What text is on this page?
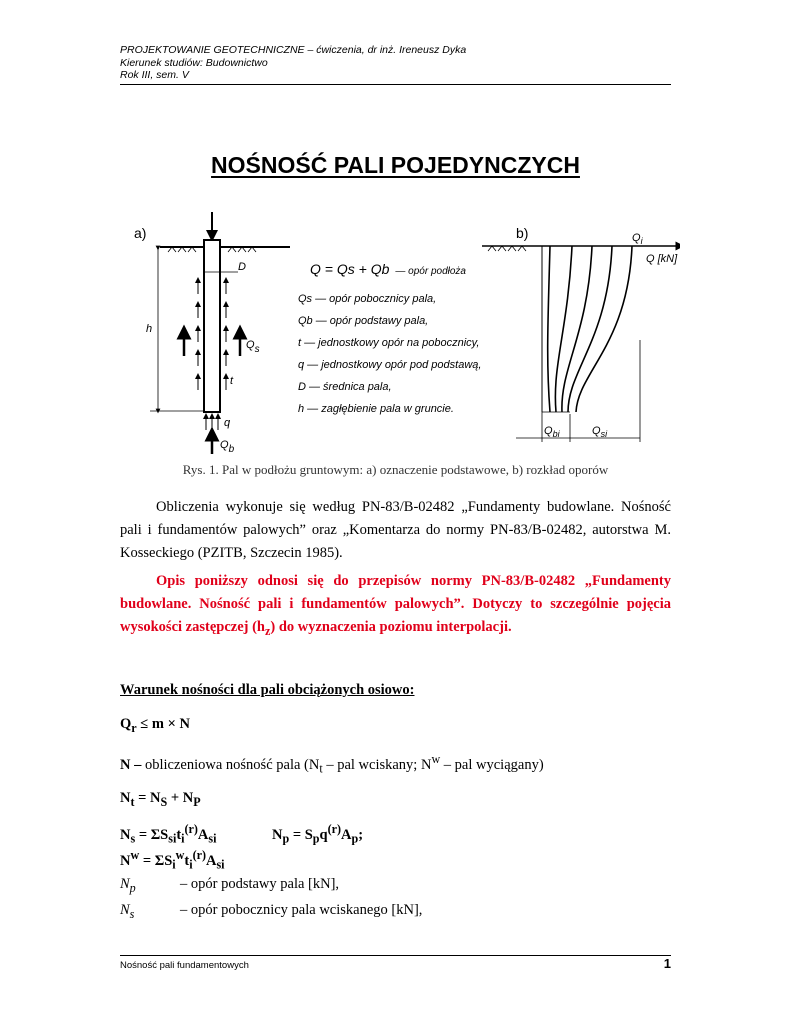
PROJEKTOWANIE GEOTECHNICZNE – ćwiczenia, dr inż. Ireneusz Dyka
Kierunek studiów: Budownictwo
Rok III, sem. V
NOŚNOŚĆ PALI POJEDYNCZYCH
a)
D
h
Qs
t
q
Qb
Q = Qs + Qb — opór podłoża
Qs — opór pobocznicy pala,
Qb — opór podstawy pala,
t — jednostkowy opór na pobocznicy,
q — jednostkowy opór pod podstawą,
D — średnica pala,
h — zagłębienie pala w gruncie.
b)	$Q_i$
Q [kN]
$Q_{bi}$	$Q_{si}$
Rys. 1. Pal w podłożu gruntowym: a) oznaczenie podstawowe, b) rozkład oporów
Obliczenia wykonuje się według PN-83/B-02482 „Fundamenty budowlane. Nośność pali i fundamentów palowych” oraz „Komentarza do normy PN-83/B-02482, autorstwa M. Kosseckiego (PZITB, Szczecin 1985).
Opis poniższy odnosi się do przepisów normy PN-83/B-02482 „Fundamenty budowlane. Nośność pali i fundamentów palowych”. Dotyczy to szczególnie pojęcia wysokości zastępczej $(h_z)$ do wyznaczenia poziomu interpolacji.
Warunek nośności dla pali obciążonych osiowo:
$Q_r \le m \times N$
N – obliczeniowa nośność pala ($N_t$ – pal wciskany; $N^w$ – pal wyciągany)
$N_t = N_S + N_P$
$N_s = \Sigma S_{si}t_i^{(r)}A_{si}$	$N_p = S_pq^{(r)}A_p$;
$N^w = \Sigma S_i^wt_i^{(r)}A_{si}$
$N_p$	– opór podstawy pala [kN],
$N_s$	– opór pobocznicy pala wciskanego [kN],
Nośność pali fundamentowych	1
